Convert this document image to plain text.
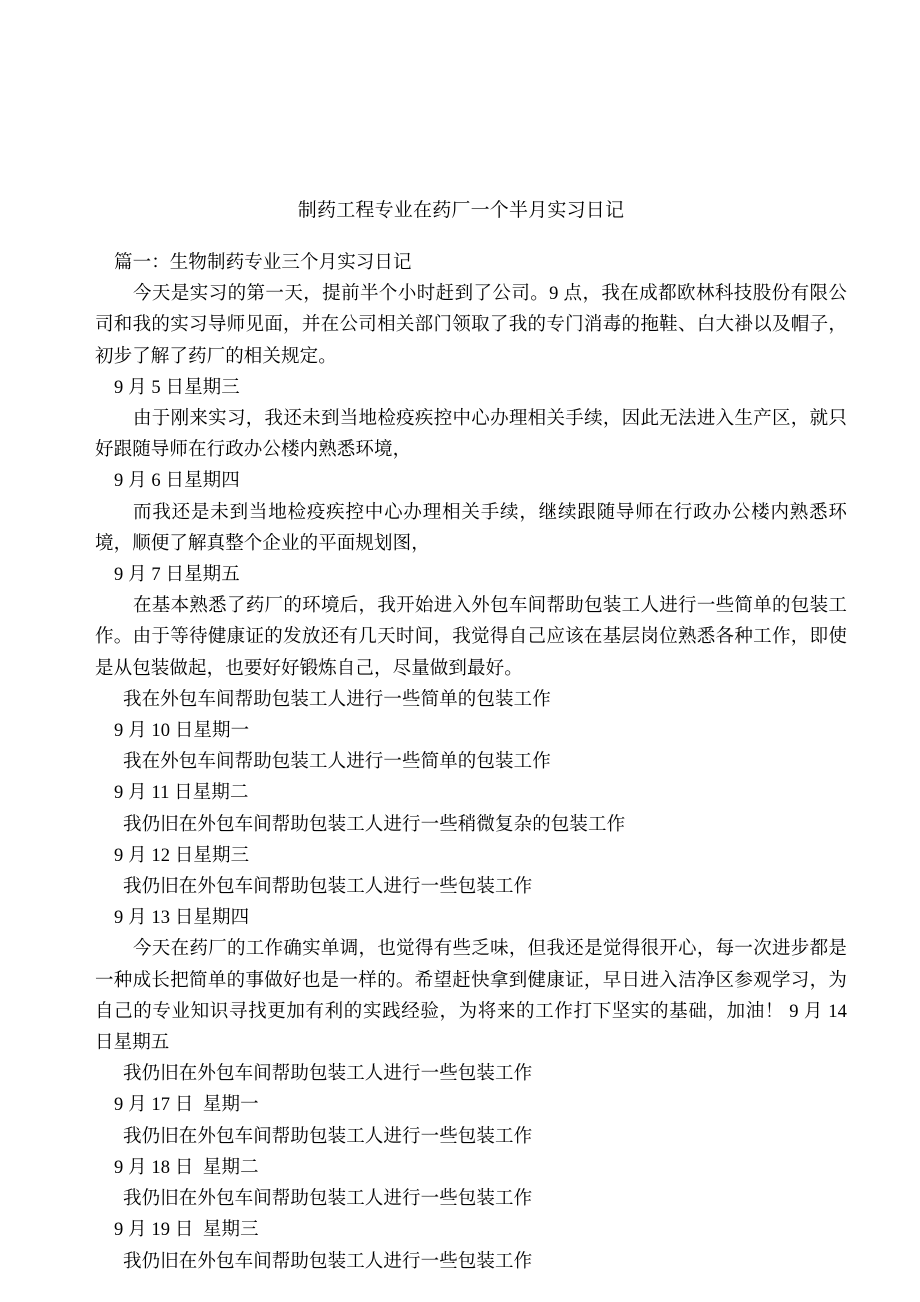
制药工程专业在药厂一个半月实习日记

篇一：生物制药专业三个月实习日记

今天是实习的第一天，提前半个小时赶到了公司。9 点，我在成都欧林科技股份有限公司和我的实习导师见面，并在公司相关部门领取了我的专门消毒的拖鞋、白大褂以及帽子，初步了解了药厂的相关规定。

9 月 5 日星期三

由于刚来实习，我还未到当地检疫疾控中心办理相关手续，因此无法进入生产区，就只好跟随导师在行政办公楼内熟悉环境，

9 月 6 日星期四

而我还是未到当地检疫疾控中心办理相关手续，继续跟随导师在行政办公楼内熟悉环境，顺便了解真整个企业的平面规划图，

9 月 7 日星期五

在基本熟悉了药厂的环境后，我开始进入外包车间帮助包装工人进行一些简单的包装工作。由于等待健康证的发放还有几天时间，我觉得自己应该在基层岗位熟悉各种工作，即使是从包装做起，也要好好锻炼自己，尽量做到最好。

我在外包车间帮助包装工人进行一些简单的包装工作

9 月 10 日星期一

我在外包车间帮助包装工人进行一些简单的包装工作

9 月 11 日星期二

我仍旧在外包车间帮助包装工人进行一些稍微复杂的包装工作

9 月 12 日星期三

我仍旧在外包车间帮助包装工人进行一些包装工作

9 月 13 日星期四

今天在药厂的工作确实单调，也觉得有些乏味，但我还是觉得很开心，每一次进步都是一种成长把简单的事做好也是一样的。希望赶快拿到健康证，早日进入洁净区参观学习，为自己的专业知识寻找更加有利的实践经验，为将来的工作打下坚实的基础，加油！ 9 月 14 日星期五

我仍旧在外包车间帮助包装工人进行一些包装工作

9 月 17 日  星期一

我仍旧在外包车间帮助包装工人进行一些包装工作

9 月 18 日  星期二

我仍旧在外包车间帮助包装工人进行一些包装工作

9 月 19 日  星期三

我仍旧在外包车间帮助包装工人进行一些包装工作
